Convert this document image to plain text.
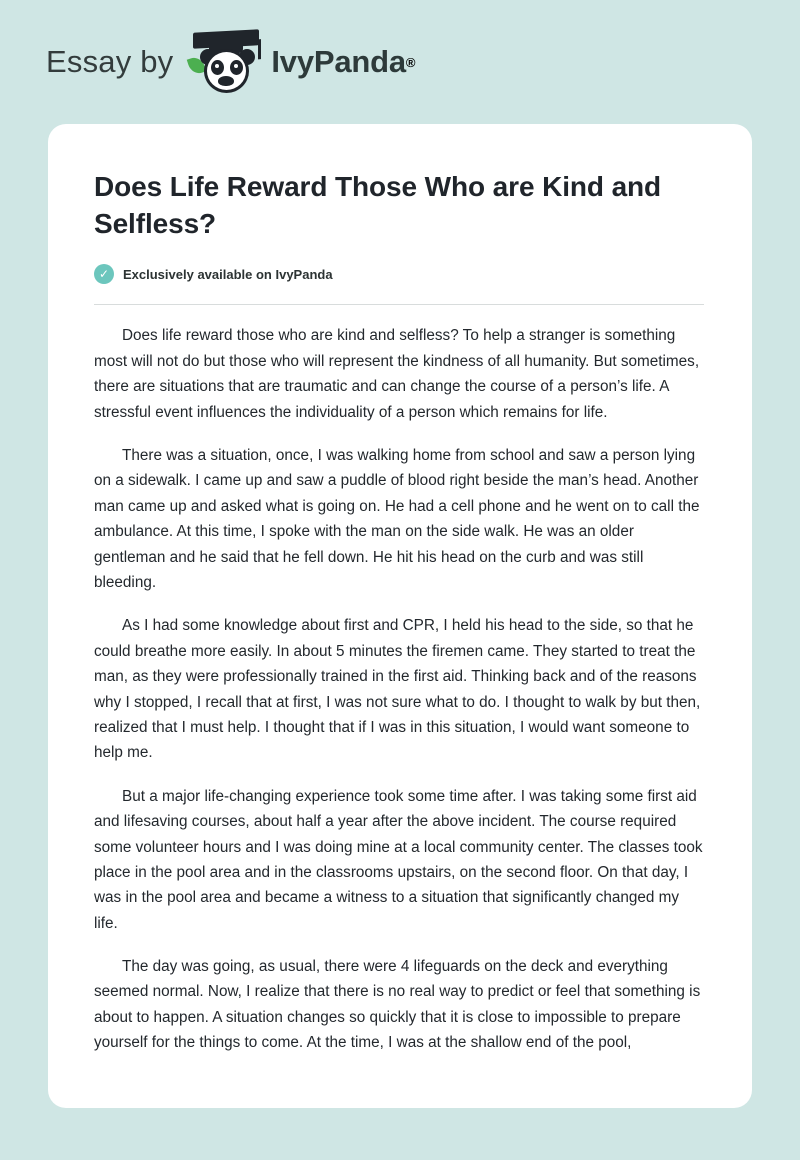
Essay by	IvyPanda ®
Does Life Reward Those Who are Kind and Selfless?
✓	Exclusively available on IvyPanda

Does life reward those who are kind and selfless? To help a stranger is something most will not do but those who will represent the kindness of all humanity. But sometimes, there are situations that are traumatic and can change the course of a person’s life. A stressful event influences the individuality of a person which remains for life.

There was a situation, once, I was walking home from school and saw a person lying on a sidewalk. I came up and saw a puddle of blood right beside the man’s head. Another man came up and asked what is going on. He had a cell phone and he went on to call the ambulance. At this time, I spoke with the man on the side walk. He was an older gentleman and he said that he fell down. He hit his head on the curb and was still bleeding.

As I had some knowledge about first and CPR, I held his head to the side, so that he could breathe more easily. In about 5 minutes the firemen came. They started to treat the man, as they were professionally trained in the first aid. Thinking back and of the reasons why I stopped, I recall that at first, I was not sure what to do. I thought to walk by but then, realized that I must help. I thought that if I was in this situation, I would want someone to help me.

But a major life-changing experience took some time after. I was taking some first aid and lifesaving courses, about half a year after the above incident. The course required some volunteer hours and I was doing mine at a local community center. The classes took place in the pool area and in the classrooms upstairs, on the second floor. On that day, I was in the pool area and became a witness to a situation that significantly changed my life.

The day was going, as usual, there were 4 lifeguards on the deck and everything seemed normal. Now, I realize that there is no real way to predict or feel that something is about to happen. A situation changes so quickly that it is close to impossible to prepare yourself for the things to come. At the time, I was at the shallow end of the pool,
